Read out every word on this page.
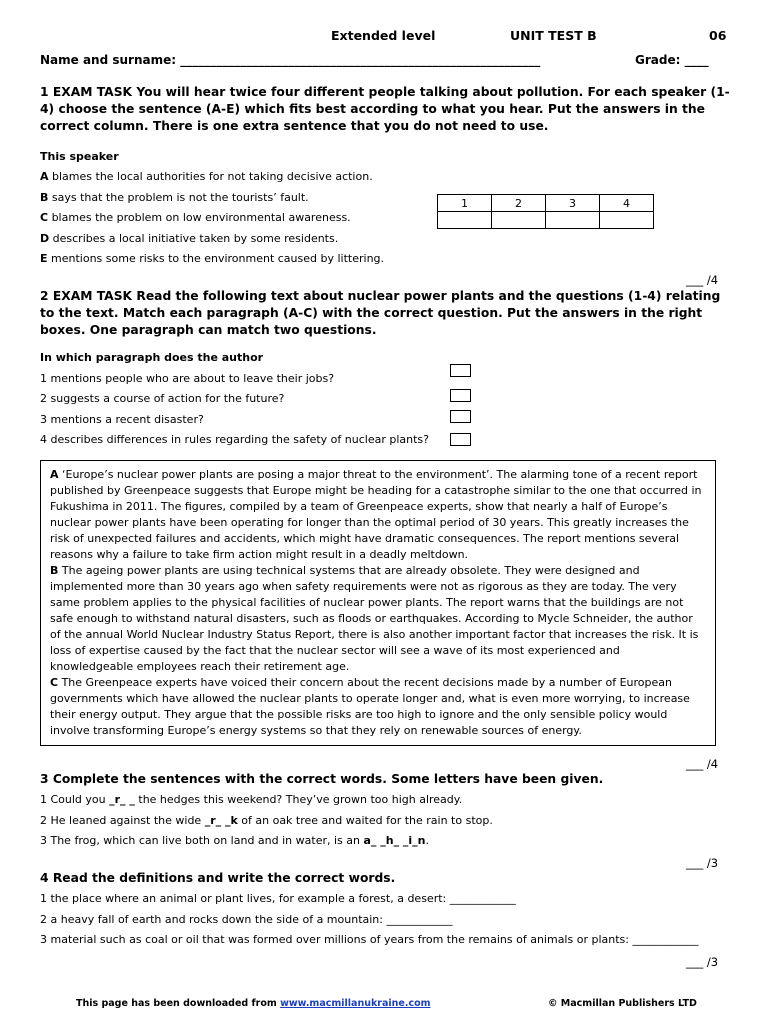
Extended level	UNIT TEST B	06
Name and surname: ____________________________________________________________	Grade: ____
1 EXAM TASK You will hear twice four different people talking about pollution. For each speaker (1-4) choose the sentence (A-E) which fits best according to what you hear. Put the answers in the correct column. There is one extra sentence that you do not need to use.
This speaker
A blames the local authorities for not taking decisive action.
B says that the problem is not the tourists’ fault.
C blames the problem on low environmental awareness.
D describes a local initiative taken by some residents.
E mentions some risks to the environment caused by littering.
1	2	3	4

___ /4
2 EXAM TASK Read the following text about nuclear power plants and the questions (1-4) relating to the text. Match each paragraph (A-C) with the correct question. Put the answers in the right boxes. One paragraph can match two questions.
In which paragraph does the author
1 mentions people who are about to leave their jobs?
2 suggests a course of action for the future?
3 mentions a recent disaster?
4 describes differences in rules regarding the safety of nuclear plants?

A ‘Europe’s nuclear power plants are posing a major threat to the environment’. The alarming tone of a recent report published by Greenpeace suggests that Europe might be heading for a catastrophe similar to the one that occurred in Fukushima in 2011. The figures, compiled by a team of Greenpeace experts, show that nearly a half of Europe’s nuclear power plants have been operating for longer than the optimal period of 30 years. This greatly increases the risk of unexpected failures and accidents, which might have dramatic consequences. The report mentions several reasons why a failure to take firm action might result in a deadly meltdown.

B The ageing power plants are using technical systems that are already obsolete. They were designed and implemented more than 30 years ago when safety requirements were not as rigorous as they are today. The very same problem applies to the physical facilities of nuclear power plants. The report warns that the buildings are not safe enough to withstand natural disasters, such as floods or earthquakes. According to Mycle Schneider, the author of the annual World Nuclear Industry Status Report, there is also another important factor that increases the risk. It is loss of expertise caused by the fact that the nuclear sector will see a wave of its most experienced and knowledgeable employees reach their retirement age.

C The Greenpeace experts have voiced their concern about the recent decisions made by a number of European governments which have allowed the nuclear plants to operate longer and, what is even more worrying, to increase their energy output. They argue that the possible risks are too high to ignore and the only sensible policy would involve transforming Europe’s energy systems so that they rely on renewable sources of energy.

___ /4
3 Complete the sentences with the correct words. Some letters have been given.
1 Could you _r_ _ the hedges this weekend? They’ve grown too high already.
2 He leaned against the wide _r_ _k of an oak tree and waited for the rain to stop.
3 The frog, which can live both on land and in water, is an a_ _h_ _i_n.
___ /3
4 Read the definitions and write the correct words.
1 the place where an animal or plant lives, for example a forest, a desert: ____________
2 a heavy fall of earth and rocks down the side of a mountain: ____________
3 material such as coal or oil that was formed over millions of years from the remains of animals or plants: ____________
___ /3
This page has been downloaded from www.macmillanukraine.com	© Macmillan Publishers LTD
